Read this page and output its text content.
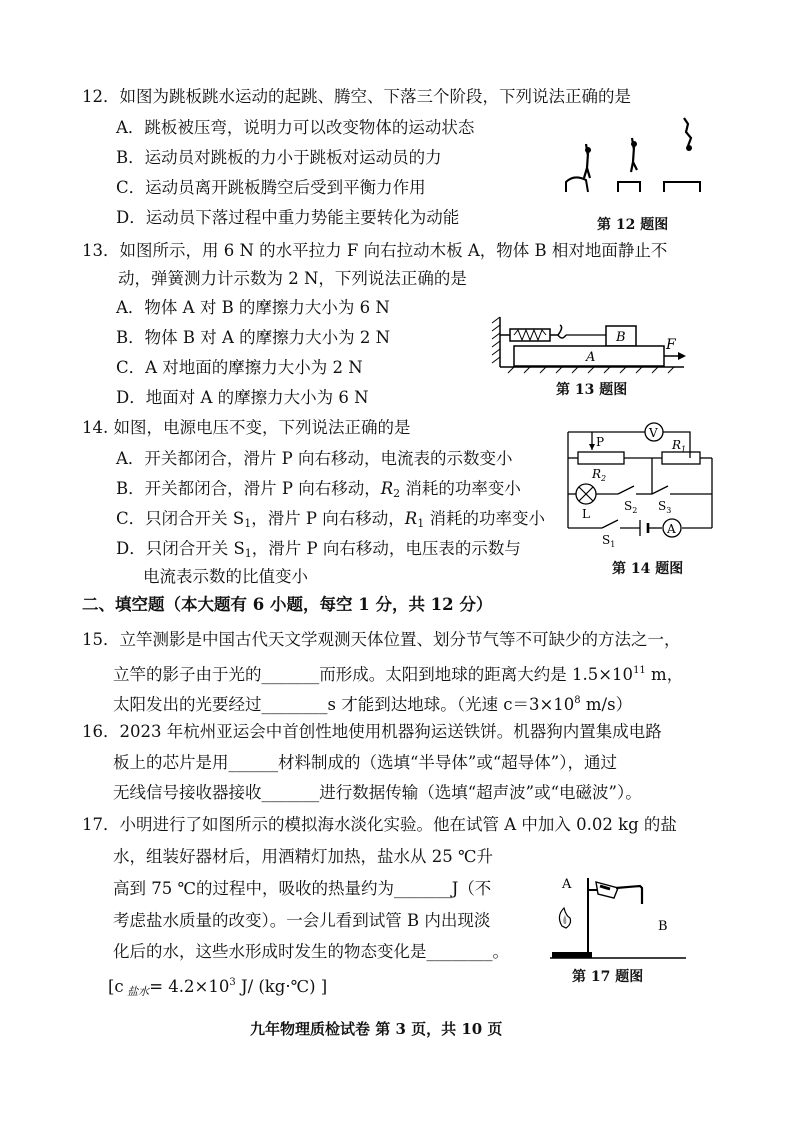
12．如图为跳板跳水运动的起跳、腾空、下落三个阶段，下列说法正确的是
A．跳板被压弯，说明力可以改变物体的运动状态
B．运动员对跳板的力小于跳板对运动员的力
C．运动员离开跳板腾空后受到平衡力作用
D．运动员下落过程中重力势能主要转化为动能	第 12 题图
13．如图所示，用 6 N 的水平拉力 F 向右拉动木板 A，物体 B 相对地面静止不
动，弹簧测力计示数为 2 N，下列说法正确的是
A．物体 A 对 B 的摩擦力大小为 6 N
B．物体 B 对 A 的摩擦力大小为 2 N
C．A 对地面的摩擦力大小为 2 N
D．地面对 A 的摩擦力大小为 6 N
B
A
F
第 13 题图
14. 如图，电源电压不变，下列说法正确的是
A．开关都闭合，滑片 P 向右移动，电流表的示数变小
B．开关都闭合，滑片 P 向右移动，$R_2$ 消耗的功率变小
C．只闭合开关 $S_1$，滑片 P 向右移动，$R_1$ 消耗的功率变小
D．只闭合开关 $S_1$，滑片 P 向右移动，电压表的示数与
电流表示数的比值变小
V
A
P
$R_2$
$R_1$
L
$S_2$ $S_3$
$S_1$
第 14 题图
二、填空题（本大题有 6 小题，每空 1 分，共 12 分）
15．立竿测影是中国古代天文学观测天体位置、划分节气等不可缺少的方法之一，
立竿的影子由于光的_______而形成。太阳到地球的距离大约是 $1.5\times 10^{11}$ m，
太阳发出的光要经过________s 才能到达地球。（光速 $c=3\times 10^8$ m/s）
16．2023 年杭州亚运会中首创性地使用机器狗运送铁饼。机器狗内置集成电路
板上的芯片是用______材料制成的（选填“半导体”或“超导体”），通过
无线信号接收器接收_______进行数据传输（选填“超声波”或“电磁波”）。
17．小明进行了如图所示的模拟海水淡化实验。他在试管 A 中加入 0.02 kg 的盐
水，组装好器材后，用酒精灯加热，盐水从 25 ℃升
高到 75 ℃的过程中，吸收的热量约为_______J（不
考虑盐水质量的改变）。一会儿看到试管 B 内出现淡
化后的水，这些水形成时发生的物态变化是________。
[c $_{盐水}= 4.2\times 10^3$ J/ (kg·℃) ]
A
B
第 17 题图
九年物理质检试卷 第 3 页，共 10 页
